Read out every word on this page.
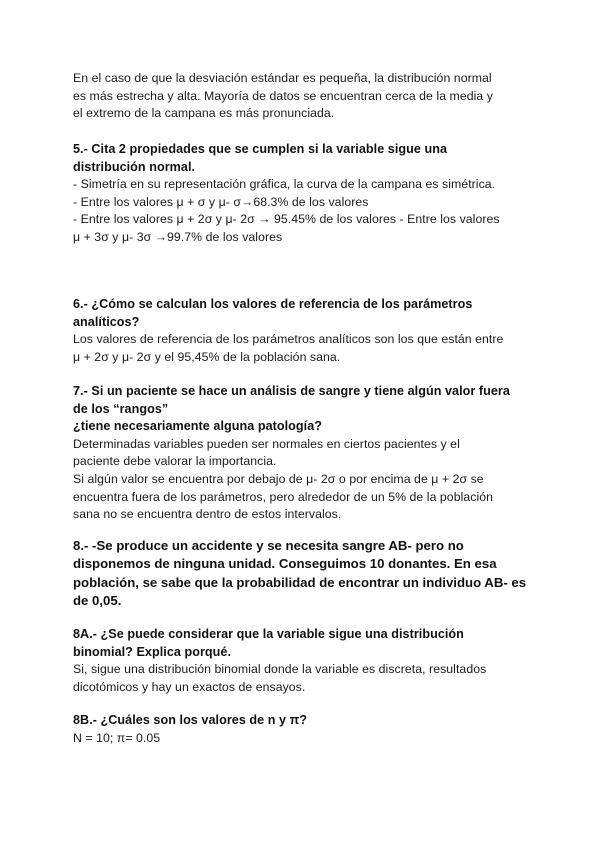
En el caso de que la desviación estándar es pequeña, la distribución normal

es más estrecha y alta. Mayoría de datos se encuentran cerca de la media y

el extremo de la campana es más pronunciada.

5.- Cita 2 propiedades que se cumplen si la variable sigue una

distribución normal.

- Simetría en su representación gráfica, la curva de la campana es simétrica.

- Entre los valores μ + σ y μ- σ→68.3% de los valores

- Entre los valores μ + 2σ y μ- 2σ → 95.45% de los valores - Entre los valores

μ + 3σ y μ- 3σ →99.7% de los valores

6.- ¿Cómo se calculan los valores de referencia de los parámetros

analíticos?

Los valores de referencia de los parámetros analíticos son los que están entre

μ + 2σ y μ- 2σ y el 95,45% de la población sana.

7.- Si un paciente se hace un análisis de sangre y tiene algún valor fuera

de los “rangos”

¿tiene necesariamente alguna patología?

Determinadas variables pueden ser normales en ciertos pacientes y el

paciente debe valorar la importancia.

Si algún valor se encuentra por debajo de μ- 2σ o por encima de μ + 2σ se

encuentra fuera de los parámetros, pero alrededor de un 5% de la población

sana no se encuentra dentro de estos intervalos.

8.- -Se produce un accidente y se necesita sangre AB- pero no

disponemos de ninguna unidad. Conseguimos 10 donantes. En esa

población, se sabe que la probabilidad de encontrar un individuo AB- es

de 0,05.

8A.- ¿Se puede considerar que la variable sigue una distribución

binomial? Explica porqué.

Si, sigue una distribución binomial donde la variable es discreta, resultados

dicotómicos y hay un exactos de ensayos.

8B.- ¿Cuáles son los valores de n y π?

N = 10; π= 0.05
